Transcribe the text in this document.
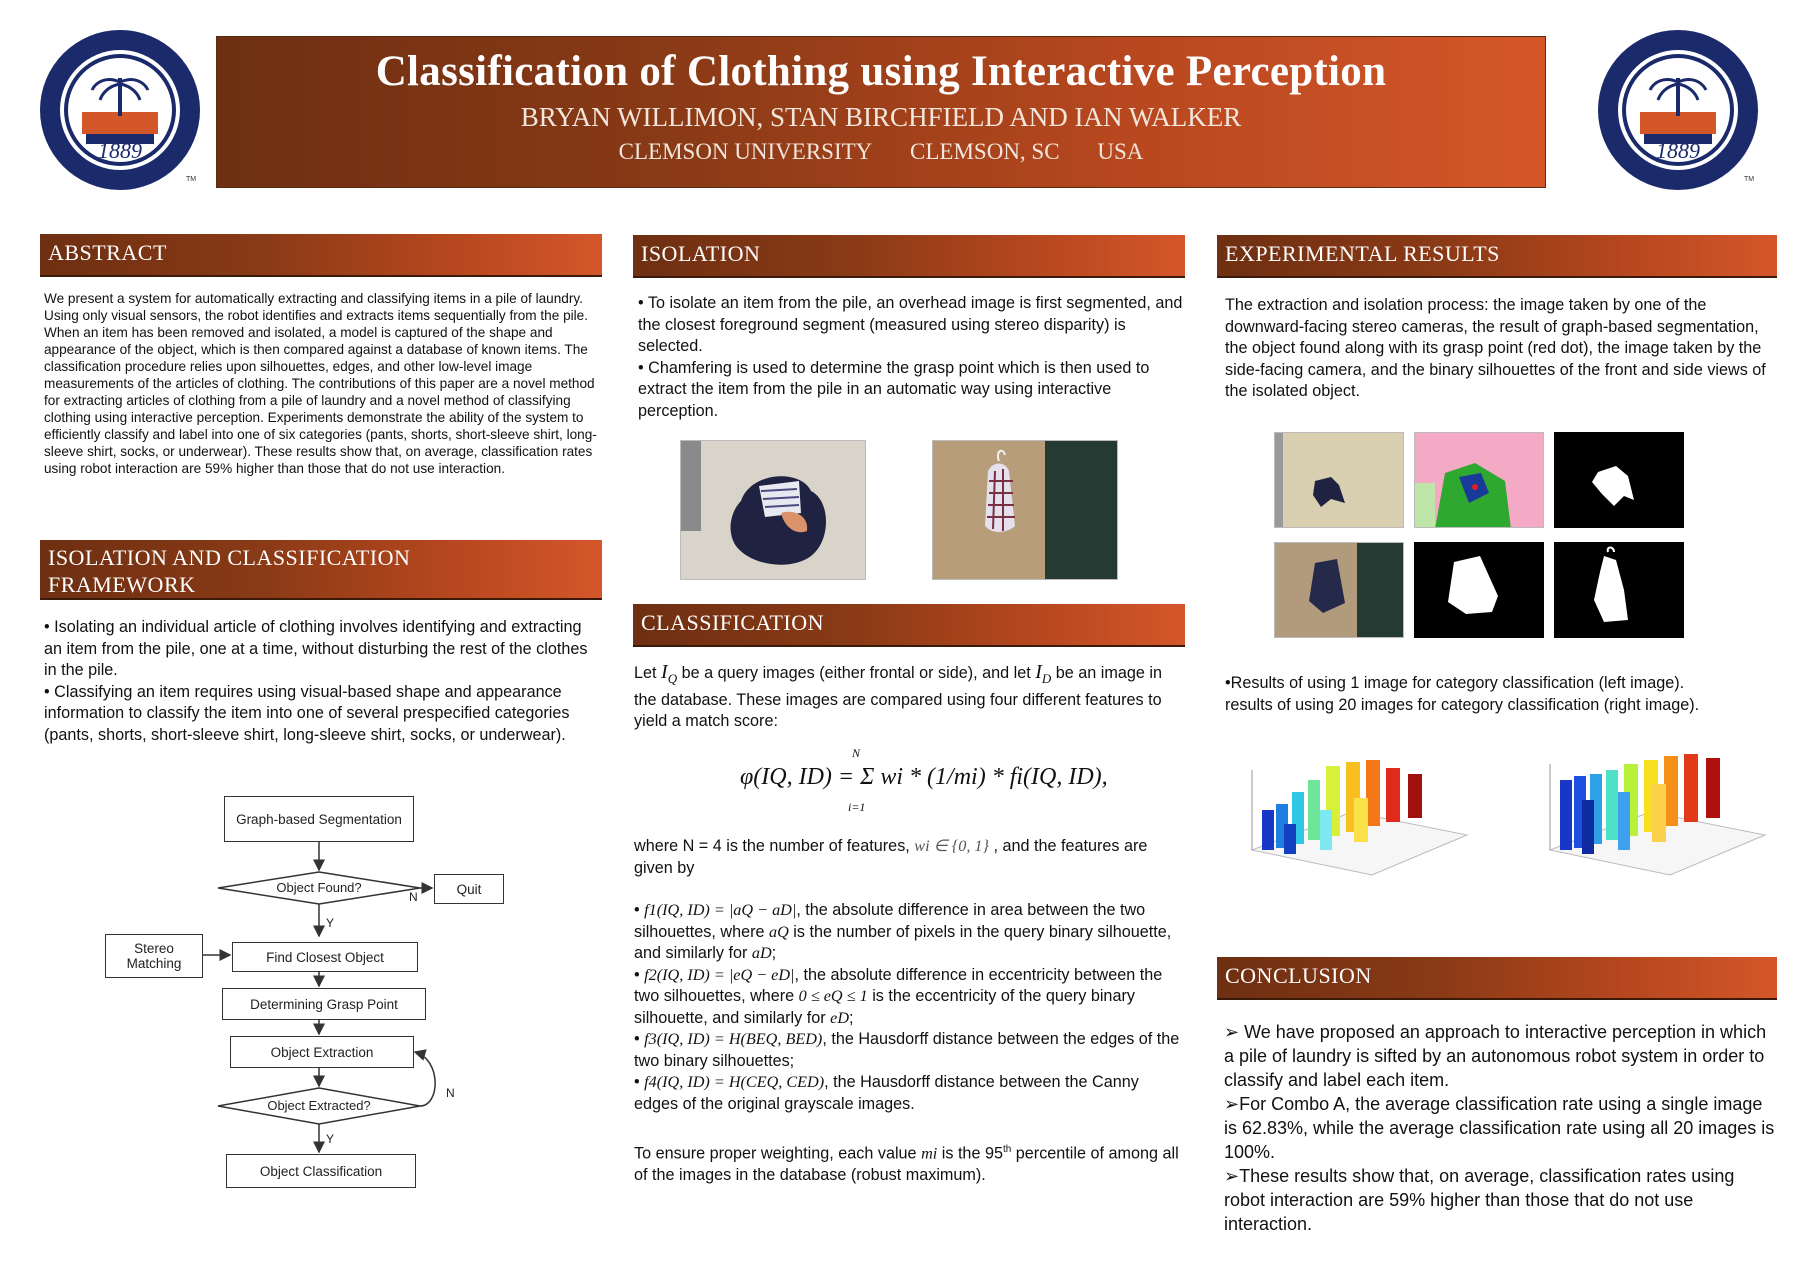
1889
TM
Classification of Clothing using Interactive Perception
BRYAN WILLIMON, STAN BIRCHFIELD AND IAN WALKER
CLEMSON UNIVERSITY CLEMSON, SC USA	1889
TM
ABSTRACT
We present a system for automatically extracting and classifying items in a pile of laundry. Using only visual sensors, the robot identifies and extracts items sequentially from the pile. When an item has been removed and isolated, a model is captured of the shape and appearance of the object, which is then compared against a database of known items. The classification procedure relies upon silhouettes, edges, and other low-level image measurements of the articles of clothing. The contributions of this paper are a novel method for extracting articles of clothing from a pile of laundry and a novel method of classifying clothing using interactive perception. Experiments demonstrate the ability of the system to efficiently classify and label into one of six categories (pants, shorts, short-sleeve shirt, long-sleeve shirt, socks, or underwear). These results show that, on average, classification rates using robot interaction are 59% higher than those that do not use interaction.
ISOLATION AND CLASSIFICATION
FRAMEWORK
• Isolating an individual article of clothing involves identifying and extracting an item from the pile, one at a time, without disturbing the rest of the clothes in the pile.
• Classifying an item requires using visual-based shape and appearance information to classify the item into one of several prespecified categories (pants, shorts, short-sleeve shirt, long-sleeve shirt, socks, or underwear).
Graph-based Segmentation
Object Found?	Quit
N
Y
Stereo Matching	Find Closest Object
Determining Grasp Point
Object Extraction
Object Extracted?
N
Y
Object Classification
ISOLATION
• To isolate an item from the pile, an overhead image is first segmented, and the closest foreground segment (measured using stereo disparity) is selected.
• Chamfering is used to determine the grasp point which is then used to extract the item from the pile in an automatic way using interactive perception.
CLASSIFICATION
Let $I_Q$ be a query images (either frontal or side), and let $I_D$ be an image in the database. These images are compared using four different features to yield a match score:
N
φ(IQ, ID) = Σ wi * (1/mi) * fi(IQ, ID),
i=1
where N = 4 is the number of features, wi ∈ {0, 1} , and the features are given by
• f1(IQ, ID) = |aQ − aD|, the absolute difference in area between the two silhouettes, where aQ is the number of pixels in the query binary silhouette, and similarly for aD;
• f2(IQ, ID) = |eQ − eD|, the absolute difference in eccentricity between the two silhouettes, where 0 ≤ eQ ≤ 1 is the eccentricity of the query binary silhouette, and similarly for eD;
• f3(IQ, ID) = H(BEQ, BED), the Hausdorff distance between the edges of the two binary silhouettes;
• f4(IQ, ID) = H(CEQ, CED), the Hausdorff distance between the Canny edges of the original grayscale images.
To ensure proper weighting, each value mi is the 95th percentile of among all of the images in the database (robust maximum).
EXPERIMENTAL RESULTS
The extraction and isolation process: the image taken by one of the downward-facing stereo cameras, the result of graph-based segmentation, the object found along with its grasp point (red dot), the image taken by the side-facing camera, and the binary silhouettes of the front and side views of the isolated object.
•Results of using 1 image for category classification (left image).
results of using 20 images for category classification (right image).
CONCLUSION
➢ We have proposed an approach to interactive perception in which a pile of laundry is sifted by an autonomous robot system in order to classify and label each item.
➢For Combo A, the average classification rate using a single image is 62.83%, while the average classification rate using all 20 images is 100%.
➢These results show that, on average, classification rates using robot interaction are 59% higher than those that do not use interaction.
